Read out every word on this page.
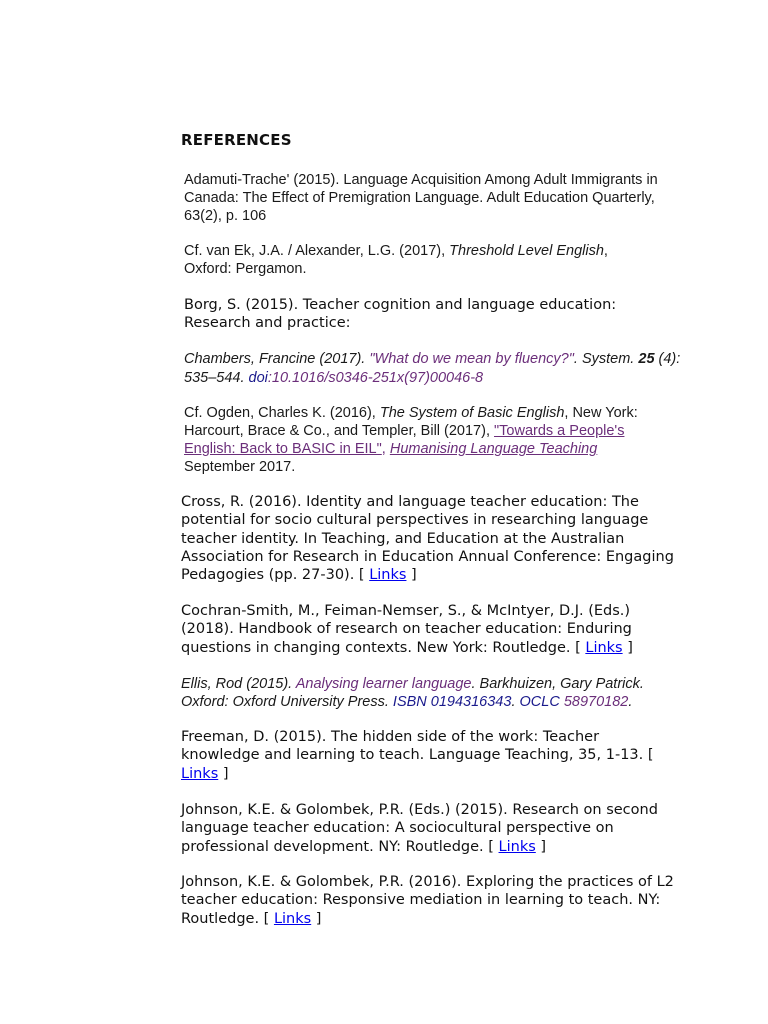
REFERENCES

Adamuti-Trache' (2015). Language Acquisition Among Adult Immigrants in Canada: The Effect of Premigration Language. Adult Education Quarterly, 63(2), p. 106

Cf. van Ek, J.A. / Alexander, L.G. (2017), Threshold Level English, Oxford: Pergamon.

Borg, S. (2015). Teacher cognition and language education: Research and practice:

Chambers, Francine (2017). "What do we mean by fluency?". System. 25 (4): 535–544. doi:10.1016/s0346-251x(97)00046-8

Cf. Ogden, Charles K. (2016), The System of Basic English, New York: Harcourt, Brace & Co., and Templer, Bill (2017), "Towards a People's English: Back to BASIC in EIL", Humanising Language Teaching September 2017.

Cross, R. (2016). Identity and language teacher education: The potential for socio cultural perspectives in researching language teacher identity. In Teaching, and Education at the Australian Association for Research in Education Annual Conference: Engaging Pedagogies (pp. 27-30). [ Links ]

Cochran-Smith, M., Feiman-Nemser, S., & McIntyer, D.J. (Eds.) (2018). Handbook of research on teacher education: Enduring questions in changing contexts. New York: Routledge. [ Links ]

Ellis, Rod (2015). Analysing learner language. Barkhuizen, Gary Patrick. Oxford: Oxford University Press. ISBN 0194316343. OCLC 58970182.

Freeman, D. (2015). The hidden side of the work: Teacher knowledge and learning to teach. Language Teaching, 35, 1-13. [ Links ]

Johnson, K.E. & Golombek, P.R. (Eds.) (2015). Research on second language teacher education: A sociocultural perspective on professional development. NY: Routledge. [ Links ]

Johnson, K.E. & Golombek, P.R. (2016). Exploring the practices of L2 teacher education: Responsive mediation in learning to teach. NY: Routledge. [ Links ]
